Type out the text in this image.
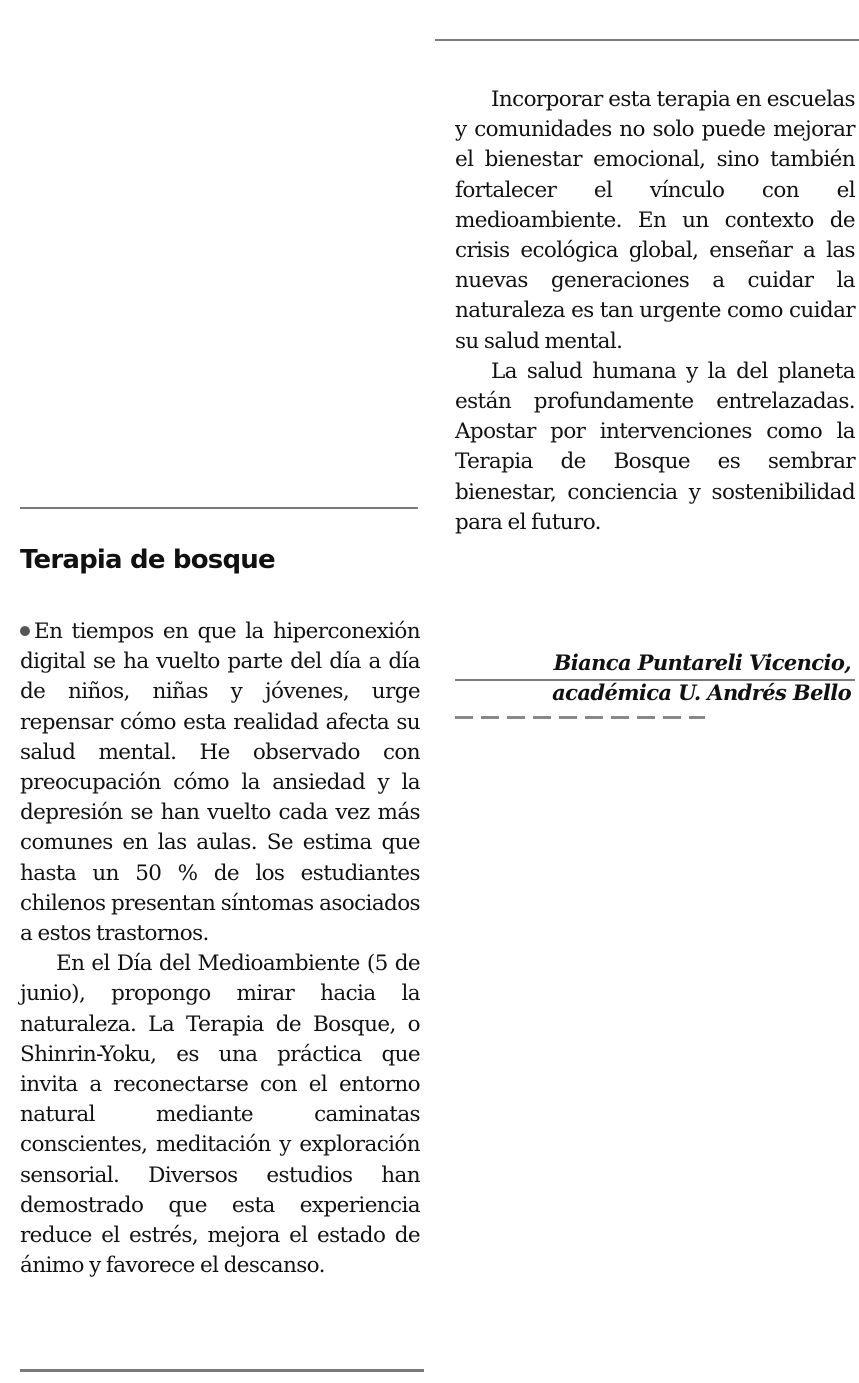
Terapia de bosque

En tiempos en que la hiperconexión digital se ha vuelto parte del día a día de niños, niñas y jóvenes, urge repensar cómo esta realidad afecta su salud mental. He observado con preocupación cómo la ansiedad y la depresión se han vuelto cada vez más comunes en las aulas. Se estima que hasta un 50 % de los estudiantes chilenos presentan síntomas asociados a estos trastornos.

En el Día del Medioambiente (5 de junio), propongo mirar hacia la naturaleza. La Terapia de Bosque, o Shinrin-Yoku, es una práctica que invita a reconectarse con el entorno natural mediante caminatas conscientes, meditación y exploración sensorial. Diversos estudios han demostrado que esta experiencia reduce el estrés, mejora el estado de ánimo y favorece el descanso.

Incorporar esta terapia en escuelas y comunidades no solo puede mejorar el bienestar emocional, sino también fortalecer el vínculo con el medioambiente. En un contexto de crisis ecológica global, enseñar a las nuevas generaciones a cuidar la naturaleza es tan urgente como cuidar su salud mental.

La salud humana y la del planeta están profundamente entrelazadas. Apostar por intervenciones como la Terapia de Bosque es sembrar bienestar, conciencia y sostenibilidad para el futuro.

Bianca Puntareli Vicencio,
académica U. Andrés Bello
